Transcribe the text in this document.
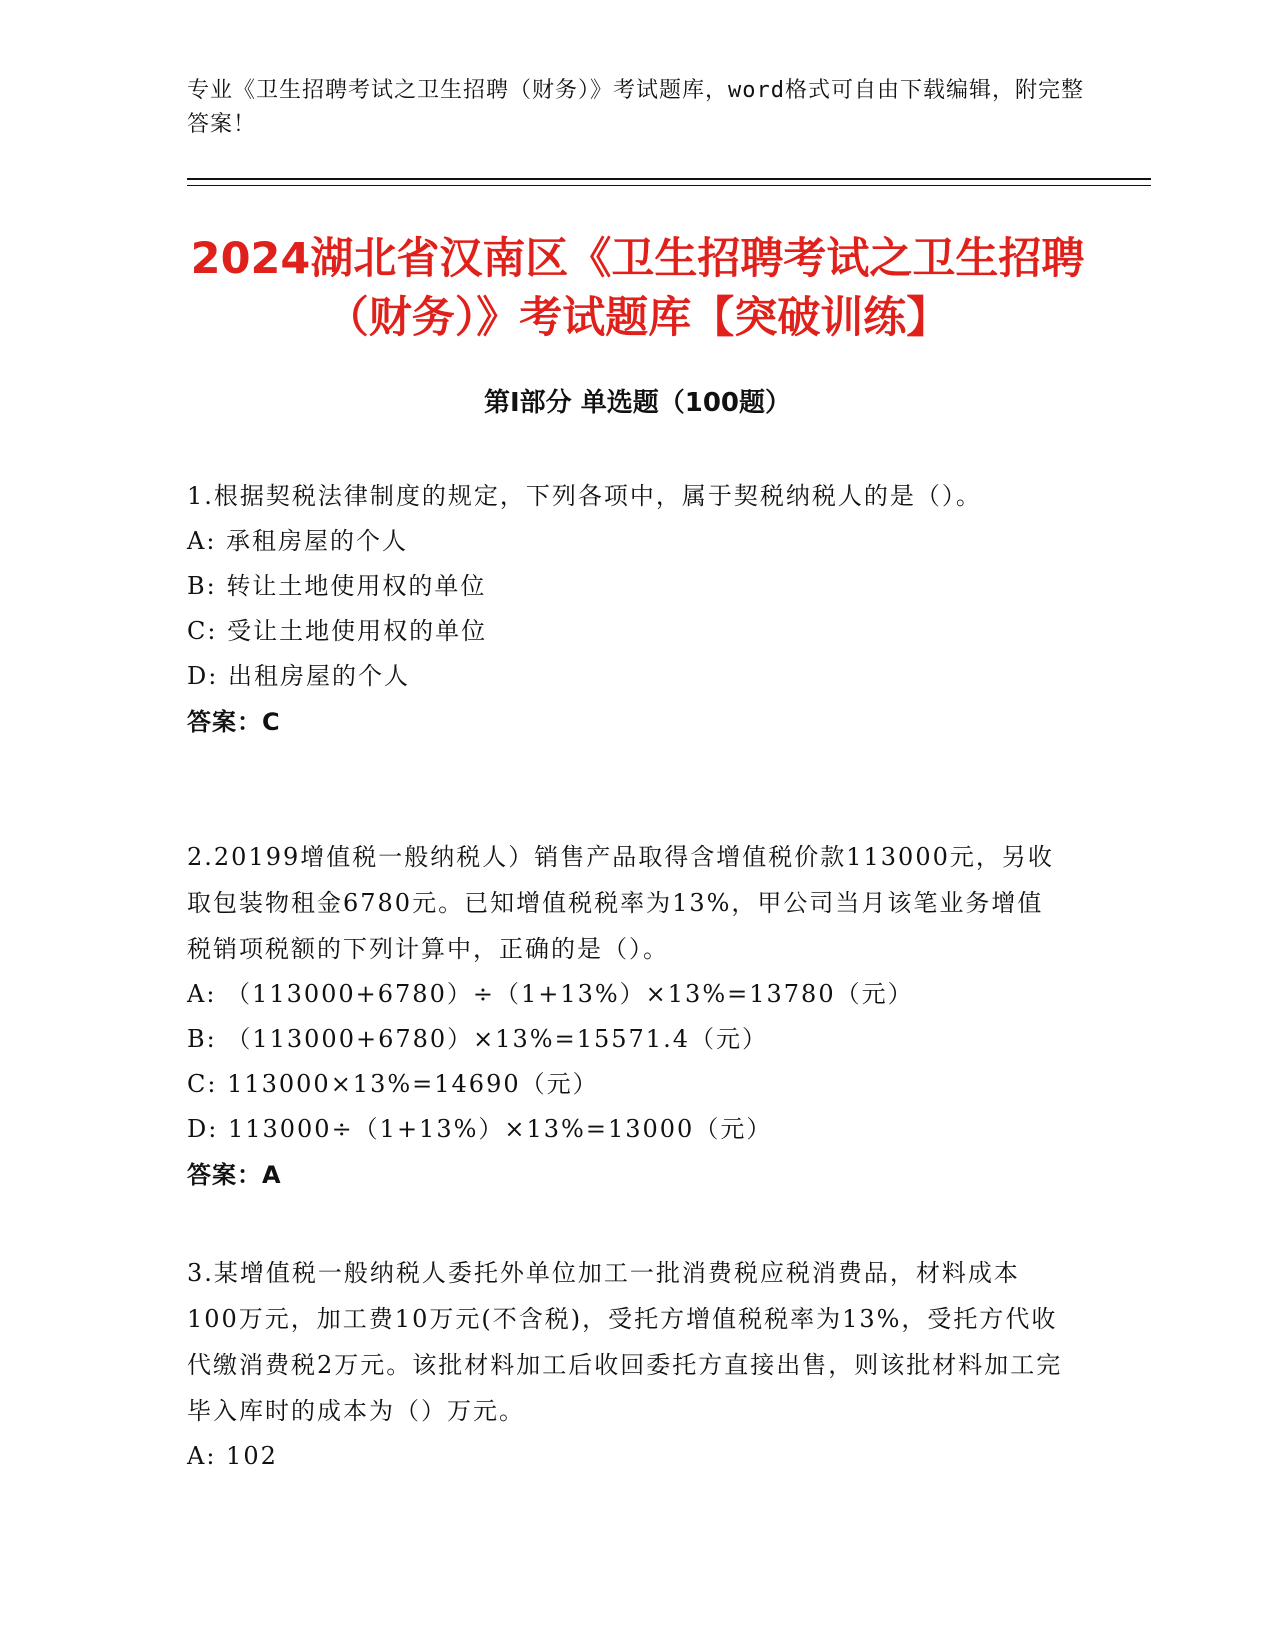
专业《卫生招聘考试之卫生招聘（财务）》考试题库，word格式可自由下载编辑，附完整答案！
2024湖北省汉南区《卫生招聘考试之卫生招聘（财务）》考试题库【突破训练】
第I部分 单选题（100题）
1.根据契税法律制度的规定，下列各项中，属于契税纳税人的是（）。
A: 承租房屋的个人
B: 转让土地使用权的单位
C: 受让土地使用权的单位
D: 出租房屋的个人
答案：C
2.20199增值税一般纳税人）销售产品取得含增值税价款113000元，另收取包装物租金6780元。已知增值税税率为13%，甲公司当月该笔业务增值税销项税额的下列计算中，正确的是（）。
A: （113000+6780）÷（1+13%）×13%=13780（元）
B: （113000+6780）×13%=15571.4（元）
C: 113000×13%=14690（元）
D: 113000÷（1+13%）×13%=13000（元）
答案：A
3.某增值税一般纳税人委托外单位加工一批消费税应税消费品，材料成本100万元，加工费10万元(不含税)，受托方增值税税率为13%，受托方代收代缴消费税2万元。该批材料加工后收回委托方直接出售，则该批材料加工完毕入库时的成本为（）万元。
A: 102
